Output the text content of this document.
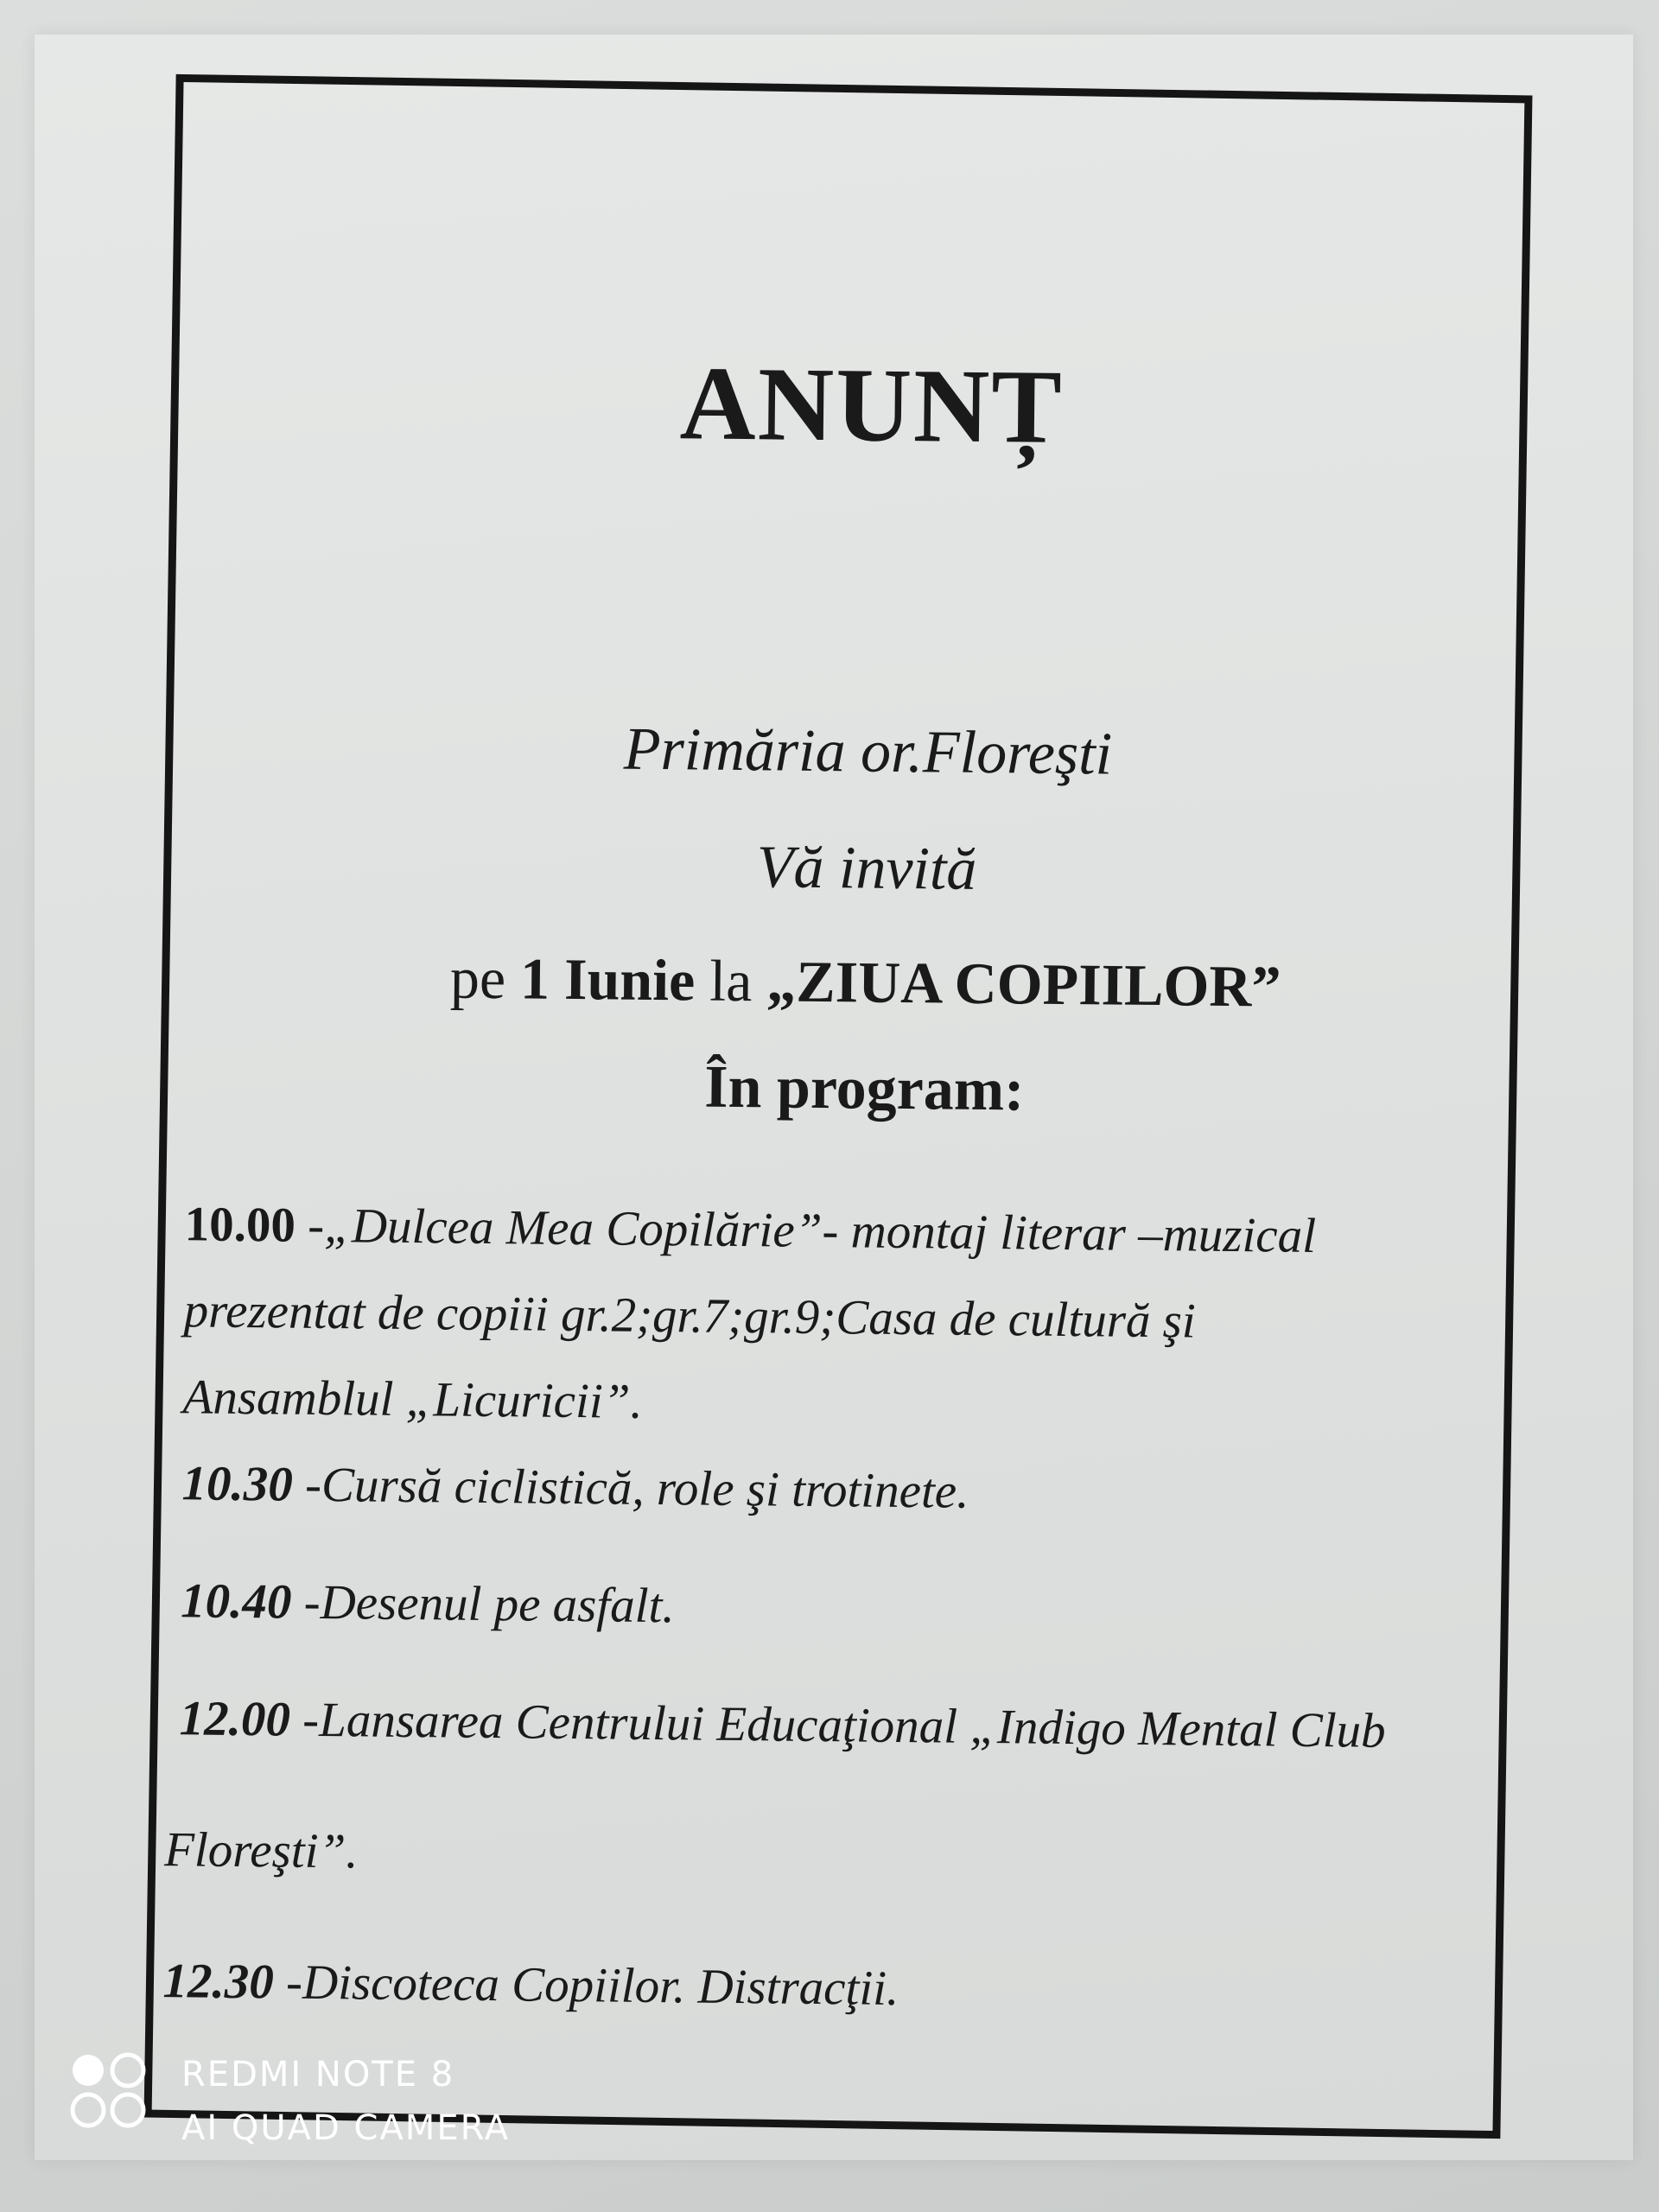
ANUNȚ
Primăria or.Floreşti
Vă invită
pe 1 Iunie la „ZIUA COPIILOR”
În program:
10.00 -„Dulcea Mea Copilărie”- montaj literar –muzical
prezentat de copiii gr.2;gr.7;gr.9;Casa de cultură şi
Ansamblul „Licuricii”.
10.30 -Cursă ciclistică, role şi trotinete.
10.40 -Desenul pe asfalt.
12.00 -Lansarea Centrului Educaţional „Indigo Mental Club
Floreşti”.
12.30 -Discoteca Copiilor. Distracţii.
REDMI NOTE 8
AI QUAD CAMERA
